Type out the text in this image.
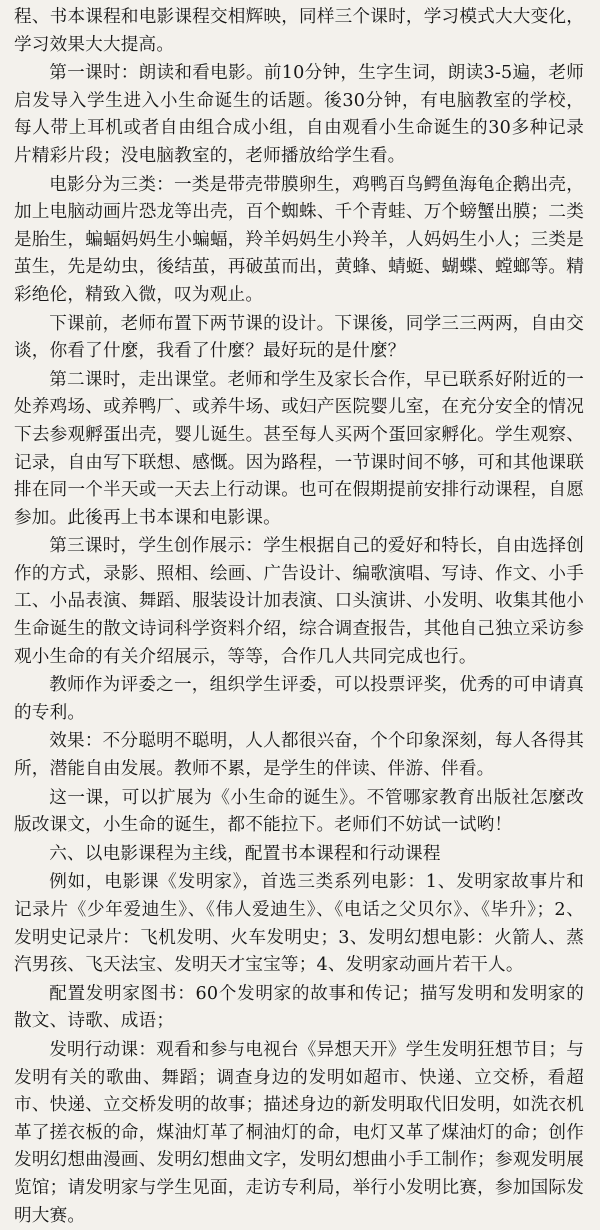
程、书本课程和电影课程交相辉映，同样三个课时，学习模式大大变化，学习效果大大提高。

第一课时：朗读和看电影。前10分钟，生字生词，朗读3-5遍，老师启发导入学生进入小生命诞生的话题。後30分钟，有电脑教室的学校，每人带上耳机或者自由组合成小组，自由观看小生命诞生的30多种记录片精彩片段；没电脑教室的，老师播放给学生看。

电影分为三类：一类是带壳带膜卵生，鸡鸭百鸟鳄鱼海龟企鹅出壳，加上电脑动画片恐龙等出壳，百个蜘蛛、千个青蛙、万个螃蟹出膜；二类是胎生，蝙蝠妈妈生小蝙蝠，羚羊妈妈生小羚羊，人妈妈生小人；三类是茧生，先是幼虫，後结茧，再破茧而出，黄蜂、蜻蜓、蝴蝶、螳螂等。精彩绝伦，精致入微，叹为观止。

下课前，老师布置下两节课的设计。下课後，同学三三两两，自由交谈，你看了什麼，我看了什麼？最好玩的是什麼？

第二课时，走出课堂。老师和学生及家长合作，早已联系好附近的一处养鸡场、或养鸭厂、或养牛场、或妇产医院婴儿室，在充分安全的情况下去参观孵蛋出壳，婴儿诞生。甚至每人买两个蛋回家孵化。学生观察、记录，自由写下联想、感慨。因为路程，一节课时间不够，可和其他课联排在同一个半天或一天去上行动课。也可在假期提前安排行动课程，自愿参加。此後再上书本课和电影课。

第三课时，学生创作展示：学生根据自己的爱好和特长，自由选择创作的方式，录影、照相、绘画、广告设计、编歌演唱、写诗、作文、小手工、小品表演、舞蹈、服装设计加表演、口头演讲、小发明、收集其他小生命诞生的散文诗词科学资料介绍，综合调查报告，其他自己独立采访参观小生命的有关介绍展示，等等，合作几人共同完成也行。

教师作为评委之一，组织学生评委，可以投票评奖，优秀的可申请真的专利。

效果：不分聪明不聪明，人人都很兴奋，个个印象深刻，每人各得其所，潜能自由发展。教师不累，是学生的伴读、伴游、伴看。

这一课，可以扩展为《小生命的诞生》。不管哪家教育出版社怎麼改版改课文，小生命的诞生，都不能拉下。老师们不妨试一试哟！

六、以电影课程为主线，配置书本课程和行动课程

例如，电影课《发明家》，首选三类系列电影：1、发明家故事片和记录片《少年爱迪生》、《伟人爱迪生》、《电话之父贝尔》、《毕升》；2、发明史记录片：飞机发明、火车发明史；3、发明幻想电影：火箭人、蒸汽男孩、飞天法宝、发明天才宝宝等；4、发明家动画片若干人。

配置发明家图书：60个发明家的故事和传记；描写发明和发明家的散文、诗歌、成语；

发明行动课：观看和参与电视台《异想天开》学生发明狂想节目；与发明有关的歌曲、舞蹈；调查身边的发明如超市、快递、立交桥，看超市、快递、立交桥发明的故事；描述身边的新发明取代旧发明，如洗衣机革了搓衣板的命，煤油灯革了桐油灯的命，电灯又革了煤油灯的命；创作发明幻想曲漫画、发明幻想曲文字，发明幻想曲小手工制作；参观发明展览馆；请发明家与学生见面，走访专利局，举行小发明比赛，参加国际发明大赛。
